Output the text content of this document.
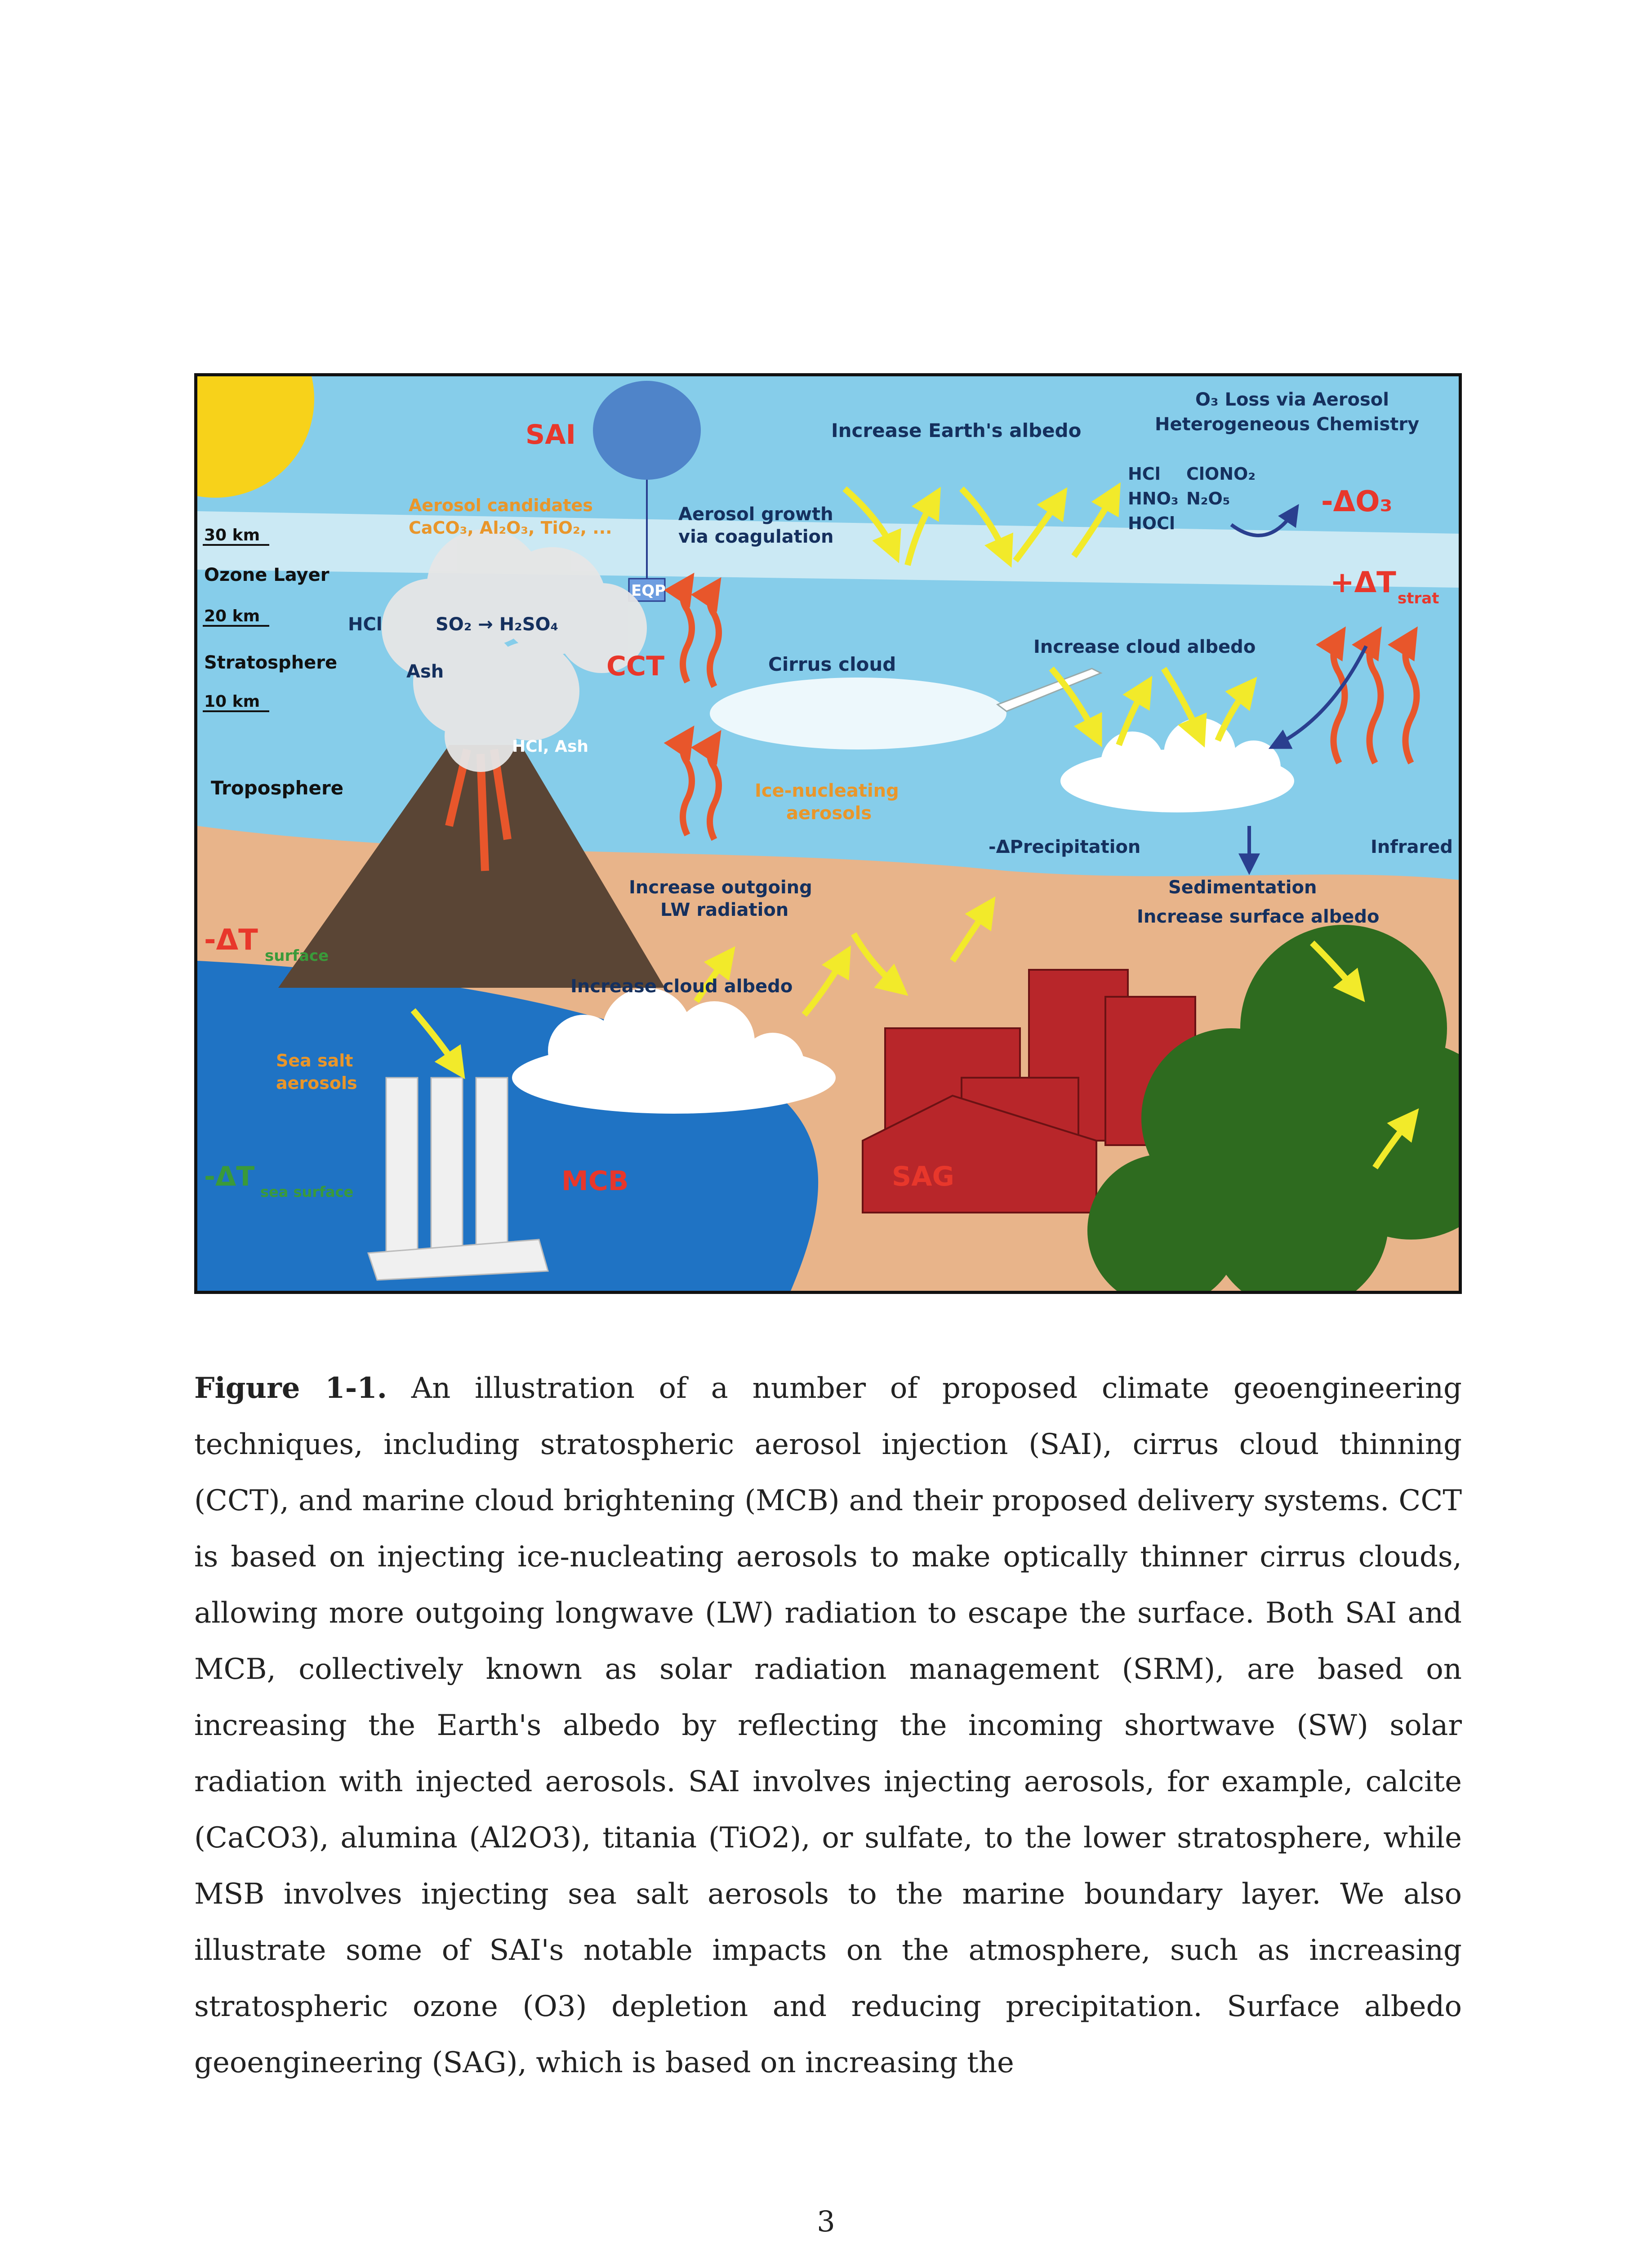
SAI
Aerosol candidates
CaCO₃, Al₂O₃, TiO₂, ...
Aerosol growth
via coagulation
EQP
Increase Earth's albedo
O₃ Loss via Aerosol
Heterogeneous Chemistry
HCl ClONO₂
HNO₃ N₂O₅
HOCl
-ΔO₃
+ΔT strat
30 km
Ozone Layer
20 km
Stratosphere
10 km
Troposphere
HCl	SO₂ → H₂SO₄
Ash
HCl, Ash
CCT	Cirrus cloud
Increase cloud albedo
Ice-nucleating
aerosols
-ΔPrecipitation	Infrared
Increase outgoing
LW radiation
Sedimentation
Increase surface albedo
-ΔT surface
Increase cloud albedo
Sea salt
aerosols
-ΔT sea surface	MCB	SAG
Figure 1-1. An illustration of a number of proposed climate geoengineering techniques, including stratospheric aerosol injection (SAI), cirrus cloud thinning (CCT), and marine cloud brightening (MCB) and their proposed delivery systems. CCT is based on injecting ice-nucleating aerosols to make optically thinner cirrus clouds, allowing more outgoing longwave (LW) radiation to escape the surface. Both SAI and MCB, collectively known as solar radiation management (SRM), are based on increasing the Earth's albedo by reflecting the incoming shortwave (SW) solar radiation with injected aerosols. SAI involves injecting aerosols, for example, calcite (CaCO3), alumina (Al2O3), titania (TiO2), or sulfate, to the lower stratosphere, while MSB involves injecting sea salt aerosols to the marine boundary layer. We also illustrate some of SAI's notable impacts on the atmosphere, such as increasing stratospheric ozone (O3) depletion and reducing precipitation. Surface albedo geoengineering (SAG), which is based on increasing the
3
